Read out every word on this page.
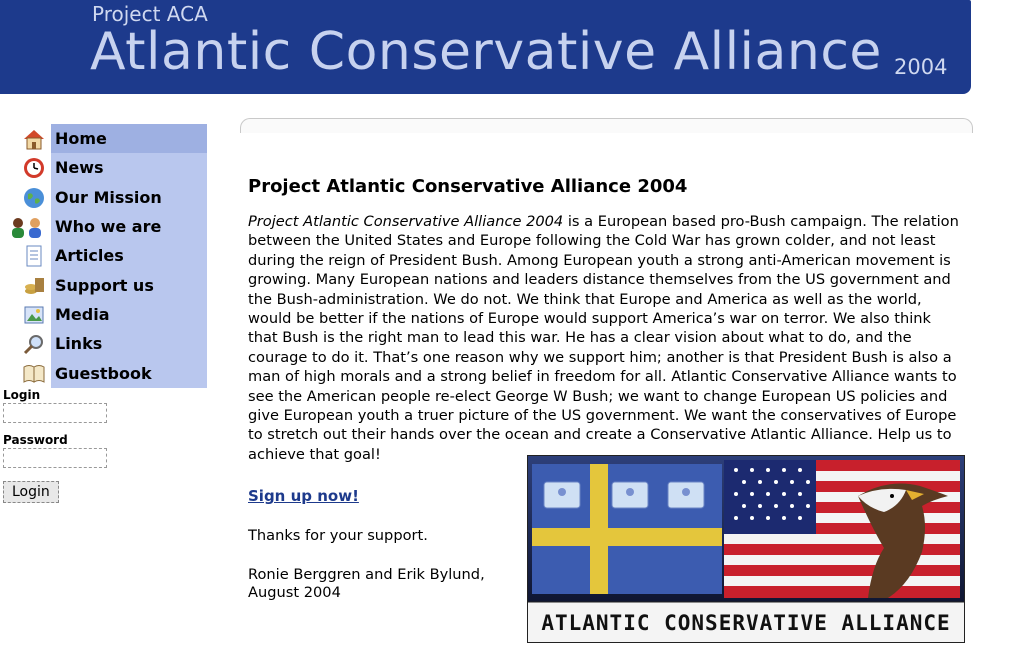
Project ACA
Atlantic Conservative Alliance 2004
Home
News
Our Mission
Who we are
Articles
Support us
Media
Links
Guestbook

Login

Password

Login
Project Atlantic Conservative Alliance 2004

Project Atlantic Conservative Alliance 2004 is a European based pro-Bush campaign. The relation between the United States and Europe following the Cold War has grown colder, and not least during the reign of President Bush. Among European youth a strong anti-American movement is growing. Many European nations and leaders distance themselves from the US government and the Bush-administration. We do not. We think that Europe and America as well as the world, would be better if the nations of Europe would support America’s war on terror. We also think that Bush is the right man to lead this war. He has a clear vision about what to do, and the courage to do it. That’s one reason why we support him; another is that President Bush is also a man of high morals and a strong belief in freedom for all. Atlantic Conservative Alliance wants to see the American people re-elect George W Bush; we want to change European US policies and give European youth a truer picture of the US government. We want the conservatives of Europe to stretch out their hands over the ocean and create a Conservative Atlantic Alliance. Help us to achieve that goal!

Sign up now!
Thanks for your support.
Ronie Berggren and Erik Bylund,
August 2004
ATLANTIC CONSERVATIVE ALLIANCE
